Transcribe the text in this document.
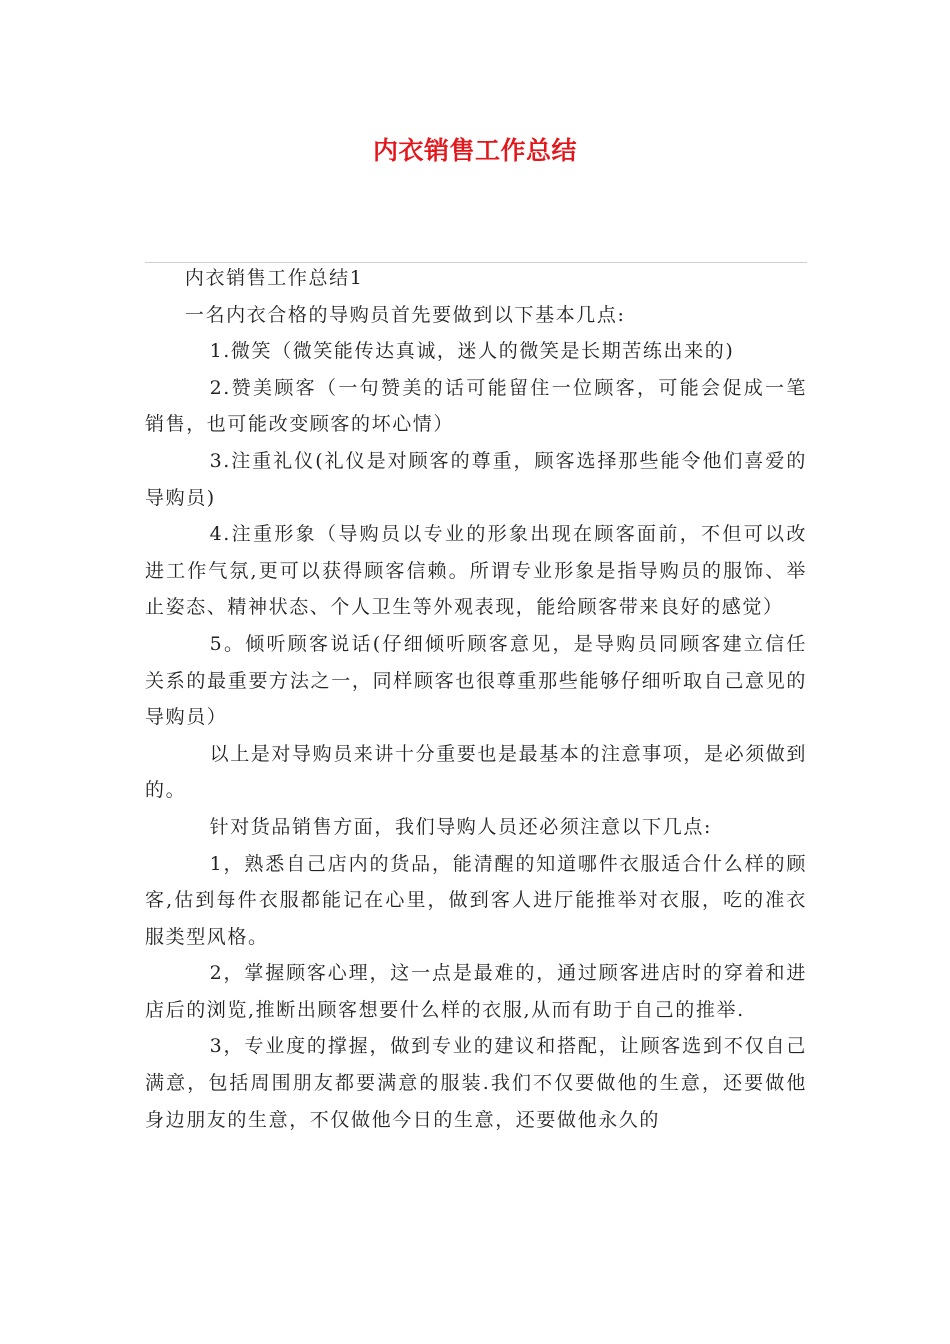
内衣销售工作总结

内衣销售工作总结1

一名内衣合格的导购员首先要做到以下基本几点:

1.微笑（微笑能传达真诚，迷人的微笑是长期苦练出来的)

2.赞美顾客（一句赞美的话可能留住一位顾客，可能会促成一笔销售，也可能改变顾客的坏心情）

3.注重礼仪(礼仪是对顾客的尊重，顾客选择那些能令他们喜爱的导购员)

4.注重形象（导购员以专业的形象出现在顾客面前，不但可以改进工作气氛,更可以获得顾客信赖。所谓专业形象是指导购员的服饰、举止姿态、精神状态、个人卫生等外观表现，能给顾客带来良好的感觉）

5。倾听顾客说话(仔细倾听顾客意见，是导购员同顾客建立信任关系的最重要方法之一，同样顾客也很尊重那些能够仔细听取自己意见的导购员）

以上是对导购员来讲十分重要也是最基本的注意事项，是必须做到的。

针对货品销售方面，我们导购人员还必须注意以下几点:

1，熟悉自己店内的货品，能清醒的知道哪件衣服适合什么样的顾客,估到每件衣服都能记在心里，做到客人进厅能推举对衣服，吃的准衣服类型风格。

2，掌握顾客心理，这一点是最难的，通过顾客进店时的穿着和进店后的浏览,推断出顾客想要什么样的衣服,从而有助于自己的推举.

3，专业度的撑握，做到专业的建议和搭配，让顾客选到不仅自己满意，包括周围朋友都要满意的服装.我们不仅要做他的生意，还要做他身边朋友的生意，不仅做他今日的生意，还要做他永久的
